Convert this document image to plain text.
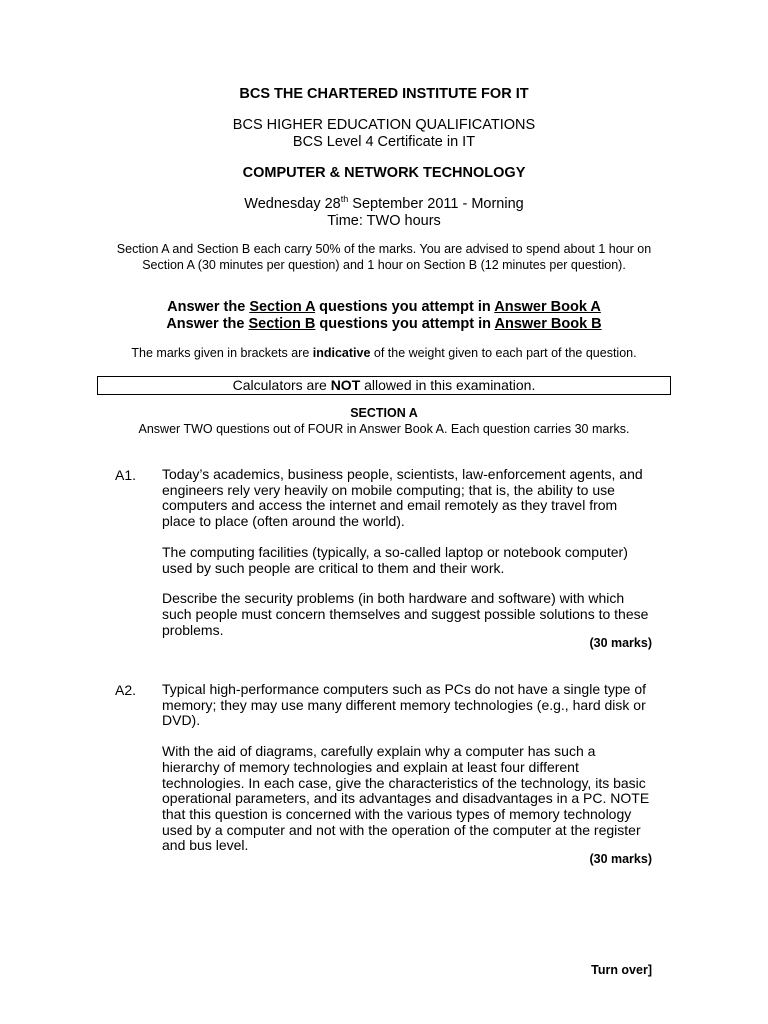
BCS THE CHARTERED INSTITUTE FOR IT
BCS HIGHER EDUCATION QUALIFICATIONS
BCS Level 4 Certificate in IT
COMPUTER & NETWORK TECHNOLOGY
Wednesday 28th September 2011 - Morning
Time: TWO hours
Section A and Section B each carry 50% of the marks. You are advised to spend about 1 hour on Section A (30 minutes per question) and 1 hour on Section B (12 minutes per question).
Answer the Section A questions you attempt in Answer Book A
Answer the Section B questions you attempt in Answer Book B
The marks given in brackets are indicative of the weight given to each part of the question.
Calculators are NOT allowed in this examination.
SECTION A
Answer TWO questions out of FOUR in Answer Book A. Each question carries 30 marks.
A1. Today’s academics, business people, scientists, law-enforcement agents, and engineers rely very heavily on mobile computing; that is, the ability to use computers and access the internet and email remotely as they travel from place to place (often around the world).

The computing facilities (typically, a so-called laptop or notebook computer) used by such people are critical to them and their work.

Describe the security problems (in both hardware and software) with which such people must concern themselves and suggest possible solutions to these problems.

(30 marks)
A2. Typical high-performance computers such as PCs do not have a single type of memory; they may use many different memory technologies (e.g., hard disk or DVD).

With the aid of diagrams, carefully explain why a computer has such a hierarchy of memory technologies and explain at least four different technologies. In each case, give the characteristics of the technology, its basic operational parameters, and its advantages and disadvantages in a PC. NOTE that this question is concerned with the various types of memory technology used by a computer and not with the operation of the computer at the register and bus level.

(30 marks)
Turn over]
